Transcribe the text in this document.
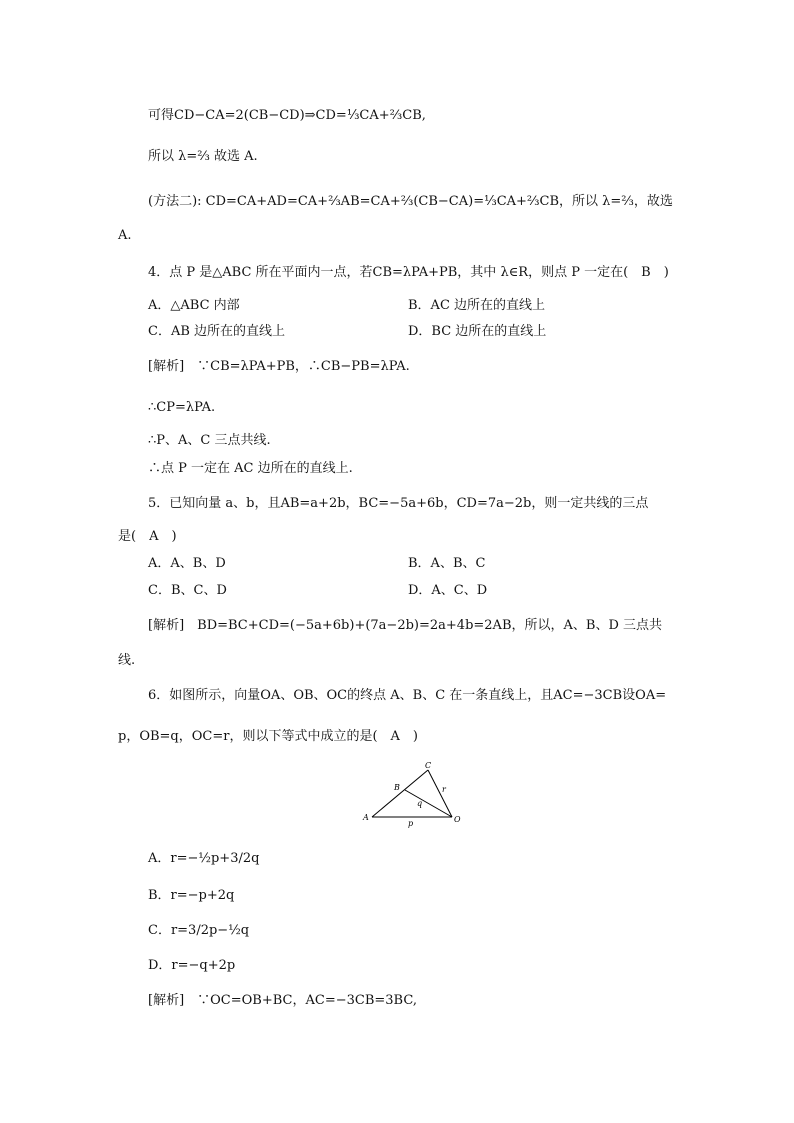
可得CD−CA=2(CB−CD)⇒CD=⅓CA+⅔CB,
所以 λ=⅔ 故选 A.
(方法二): CD=CA+AD=CA+⅔AB=CA+⅔(CB−CA)=⅓CA+⅔CB，所以 λ=⅔，故选
A.
4．点 P 是△ABC 所在平面内一点，若CB=λPA+PB，其中 λ∈R，则点 P 一定在(　B　)
A．△ABC 内部	B．AC 边所在的直线上
C．AB 边所在的直线上	D．BC 边所在的直线上
[解析]　∵CB=λPA+PB，∴CB−PB=λPA.
∴CP=λPA.
∴P、A、C 三点共线.
∴点 P 一定在 AC 边所在的直线上.
5．已知向量 a、b，且AB=a+2b，BC=−5a+6b，CD=7a−2b，则一定共线的三点
是(　A　)
A．A、B、D	B．A、B、C
C．B、C、D	D．A、C、D
[解析]　BD=BC+CD=(−5a+6b)+(7a−2b)=2a+4b=2AB，所以，A、B、D 三点共
线.
6．如图所示，向量OA、OB、OC的终点 A、B、C 在一条直线上，且AC=−3CB设OA=
p，OB=q，OC=r，则以下等式中成立的是(　A　)
A
B
C
O
p
q
r
A．r=−½p+3/2q
B．r=−p+2q
C．r=3/2p−½q
D．r=−q+2p
[解析]　∵OC=OB+BC，AC=−3CB=3BC,
